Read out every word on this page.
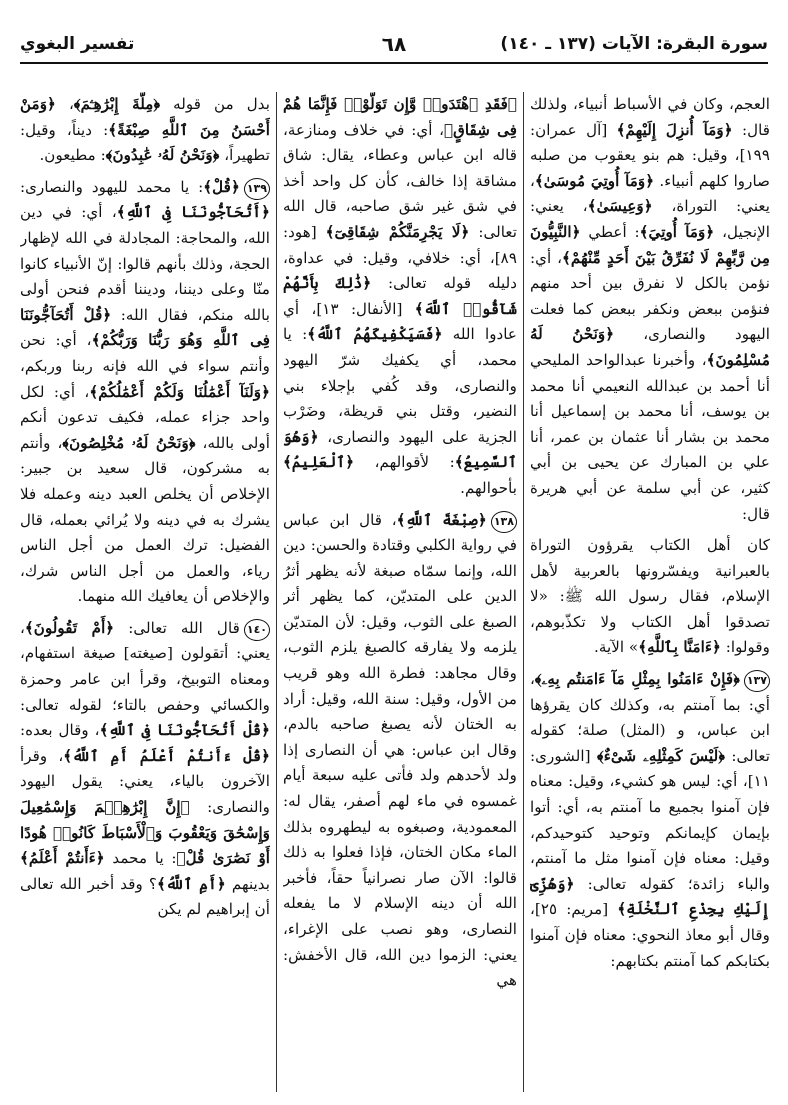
سورة البقرة: الآيات (١٣٧ ـ ١٤٠)
٦٨
تفسير البغوي

العجم، وكان في الأسباط أنبياء، ولذلك قال: ﴿وَمَآ أُنزِلَ إِلَيْهِمْ﴾ [آل عمران: ١٩٩]، وقيل: هم بنو يعقوب من صلبه صاروا كلهم أنبياء. ﴿وَمَآ أُوتِيَ مُوسَىٰ﴾، يعني: التوراة، ﴿وَعِيسَىٰ﴾، يعني: الإنجيل، ﴿وَمَآ أُوتِيَ﴾: أعطي ﴿النَّبِيُّونَ مِن رَّبِّهِمْ لَا نُفَرِّقُ بَيْنَ أَحَدٍ مِّنْهُمْ﴾، أي: نؤمن بالكل لا نفرق بين أحد منهم فنؤمن ببعض ونكفر ببعض كما فعلت اليهود والنصارى، ﴿وَنَحْنُ لَهُ مُسْلِمُونَ﴾، وأخبرنا عبدالواحد المليحي أنا أحمد بن عبدالله النعيمي أنا محمد بن يوسف، أنا محمد بن إسماعيل أنا محمد بن بشار أنا عثمان بن عمر، أنا علي بن المبارك عن يحيى بن أبي كثير، عن أبي سلمة عن أبي هريرة قال:

كان أهل الكتاب يقرؤون التوراة بالعبرانية ويفسّرونها بالعربية لأهل الإسلام، فقال رسول الله ﷺ: «لا تصدقوا أهل الكتاب ولا تكذّبوهم، وقولوا: ﴿ءَامَنَّا بِٱللَّهِ﴾» الآية.

١٣٧﴿فَإِنْ ءَامَنُوا بِمِثْلِ مَآ ءَامَنتُم بِهِۦ﴾، أي: بما آمنتم به، وكذلك كان يقرؤها ابن عباس، و (المثل) صلة؛ كقوله تعالى: ﴿لَيْسَ كَمِثْلِهِۦ شَىْءٌ﴾ [الشورى: ١١]، أي: ليس هو كشيء، وقيل: معناه فإن آمنوا بجميع ما آمنتم به، أي: أتوا بإيمان كإيمانكم وتوحيد كتوحيدكم، وقيل: معناه فإن آمنوا مثل ما آمنتم، والباء زائدة؛ كقوله تعالى: ﴿وَهُزِّىٓ إِلَيْكِ بِجِذْعِ ٱلنَّخْلَةِ﴾ [مريم: ٢٥]، وقال أبو معاذ النحوي: معناه فإن آمنوا بكتابكم كما آمنتم بكتابهم:

﴿فَقَدِ ٱهْتَدَوا۟ وَّإِن تَوَلَّوْا۟ فَإِنَّمَا هُمْ فِى شِقَاقٍ﴾، أي: في خلاف ومنازعة، قاله ابن عباس وعطاء، يقال: شاق مشاقة إذا خالف، كأن كل واحد أخذ في شق غير شق صاحبه، قال الله تعالى: ﴿لَا يَجْرِمَنَّكُمْ شِقَاقِىٓ﴾ [هود: ٨٩]، أي: خلافي، وقيل: في عداوة، دليله قوله تعالى: ﴿ذَٰلِكَ بِأَنَّهُمْ شَآقُّوا۟ ٱللَّهَ﴾ [الأنفال: ١٣]، أي عادوا الله ﴿فَسَيَكْفِيكَهُمُ ٱللَّهُ﴾: يا محمد، أي يكفيك شرّ اليهود والنصارى، وقد كُفي بإجلاء بني النضير، وقتل بني قريظة، وضَرْب الجزية على اليهود والنصارى، ﴿وَهُوَ ٱلسَّمِيعُ﴾: لأقوالهم، ﴿ٱلْعَلِيمُ﴾ بأحوالهم.

١٣٨﴿صِبْغَةَ ٱللَّهِ﴾، قال ابن عباس في رواية الكلبي وقتادة والحسن: دين الله، وإنما سمّاه صبغة لأنه يظهر أثرُ الدين على المتديّن، كما يظهر أثر الصبغ على الثوب، وقيل: لأن المتديّن يلزمه ولا يفارقه كالصبغ يلزم الثوب، وقال مجاهد: فطرة الله وهو قريب من الأول، وقيل: سنة الله، وقيل: أراد به الختان لأنه يصبغ صاحبه بالدم، وقال ابن عباس: هي أن النصارى إذا ولد لأحدهم ولد فأتى عليه سبعة أيام غمسوه في ماء لهم أصفر، يقال له: المعمودية، وصبغوه به ليطهروه بذلك الماء مكان الختان، فإذا فعلوا به ذلك قالوا: الآن صار نصرانياً حقاً، فأخبر الله أن دينه الإسلام لا ما يفعله النصارى، وهو نصب على الإغراء، يعني: الزموا دين الله، قال الأخفش: هي

بدل من قوله ﴿مِلَّةَ إِبْرَٰهِـۧمَ﴾، ﴿وَمَنْ أَحْسَنُ مِنَ ٱللَّهِ صِبْغَةً﴾: ديناً، وقيل: تطهيراً، ﴿وَنَحْنُ لَهُۥ عَٰبِدُونَ﴾: مطيعون.

١٣٩﴿قُلْ﴾: يا محمد لليهود والنصارى: ﴿أَتُحَآجُّونَنَا فِى ٱللَّهِ﴾، أي: في دين الله، والمحاجة: المجادلة في الله لإظهار الحجة، وذلك بأنهم قالوا: إنّ الأنبياء كانوا منّا وعلى ديننا، وديننا أقدم فنحن أولى بالله منكم، فقال الله: ﴿قُلْ أَتُحَآجُّونَنَا فِى ٱللَّهِ وَهُوَ رَبُّنَا وَرَبُّكُمْ﴾، أي: نحن وأنتم سواء في الله فإنه ربنا وربكم، ﴿وَلَنَآ أَعْمَٰلُنَا وَلَكُمْ أَعْمَٰلُكُمْ﴾، أي: لكل واحد جزاء عمله، فكيف تدعون أنكم أولى بالله، ﴿وَنَحْنُ لَهُۥ مُخْلِصُونَ﴾، وأنتم به مشركون، قال سعيد بن جبير: الإخلاص أن يخلص العبد دينه وعمله فلا يشرك به في دينه ولا يُرائي بعمله، قال الفضيل: ترك العمل من أجل الناس رياء، والعمل من أجل الناس شرك، والإخلاص أن يعافيك الله منهما.

١٤٠قال الله تعالى: ﴿أَمْ تَقُولُونَ﴾، يعني: أتقولون [صيغته] صيغة استفهام، ومعناه التوبيخ، وقرأ ابن عامر وحمزة والكسائي وحفص بالتاء؛ لقوله تعالى: ﴿قُلْ أَتُحَآجُّونَنَا فِى ٱللَّهِ﴾، وقال بعده: ﴿قُلْ ءَأَنتُمْ أَعْلَمُ أَمِ ٱللَّهُ﴾، وقرأ الآخرون بالياء، يعني: يقول اليهود والنصارى: ﴿إِنَّ إِبْرَٰهِـۧمَ وَإِسْمَٰعِيلَ وَإِسْحَٰقَ وَيَعْقُوبَ وَٱلْأَسْبَاطَ كَانُوا۟ هُودًا أَوْ نَصَٰرَىٰ قُلْ﴾: يا محمد ﴿ءَأَنتُمْ أَعْلَمُ﴾ بدينهم ﴿أَمِ ٱللَّهُ﴾؟ وقد أخبر الله تعالى أن إبراهيم لم يكن
